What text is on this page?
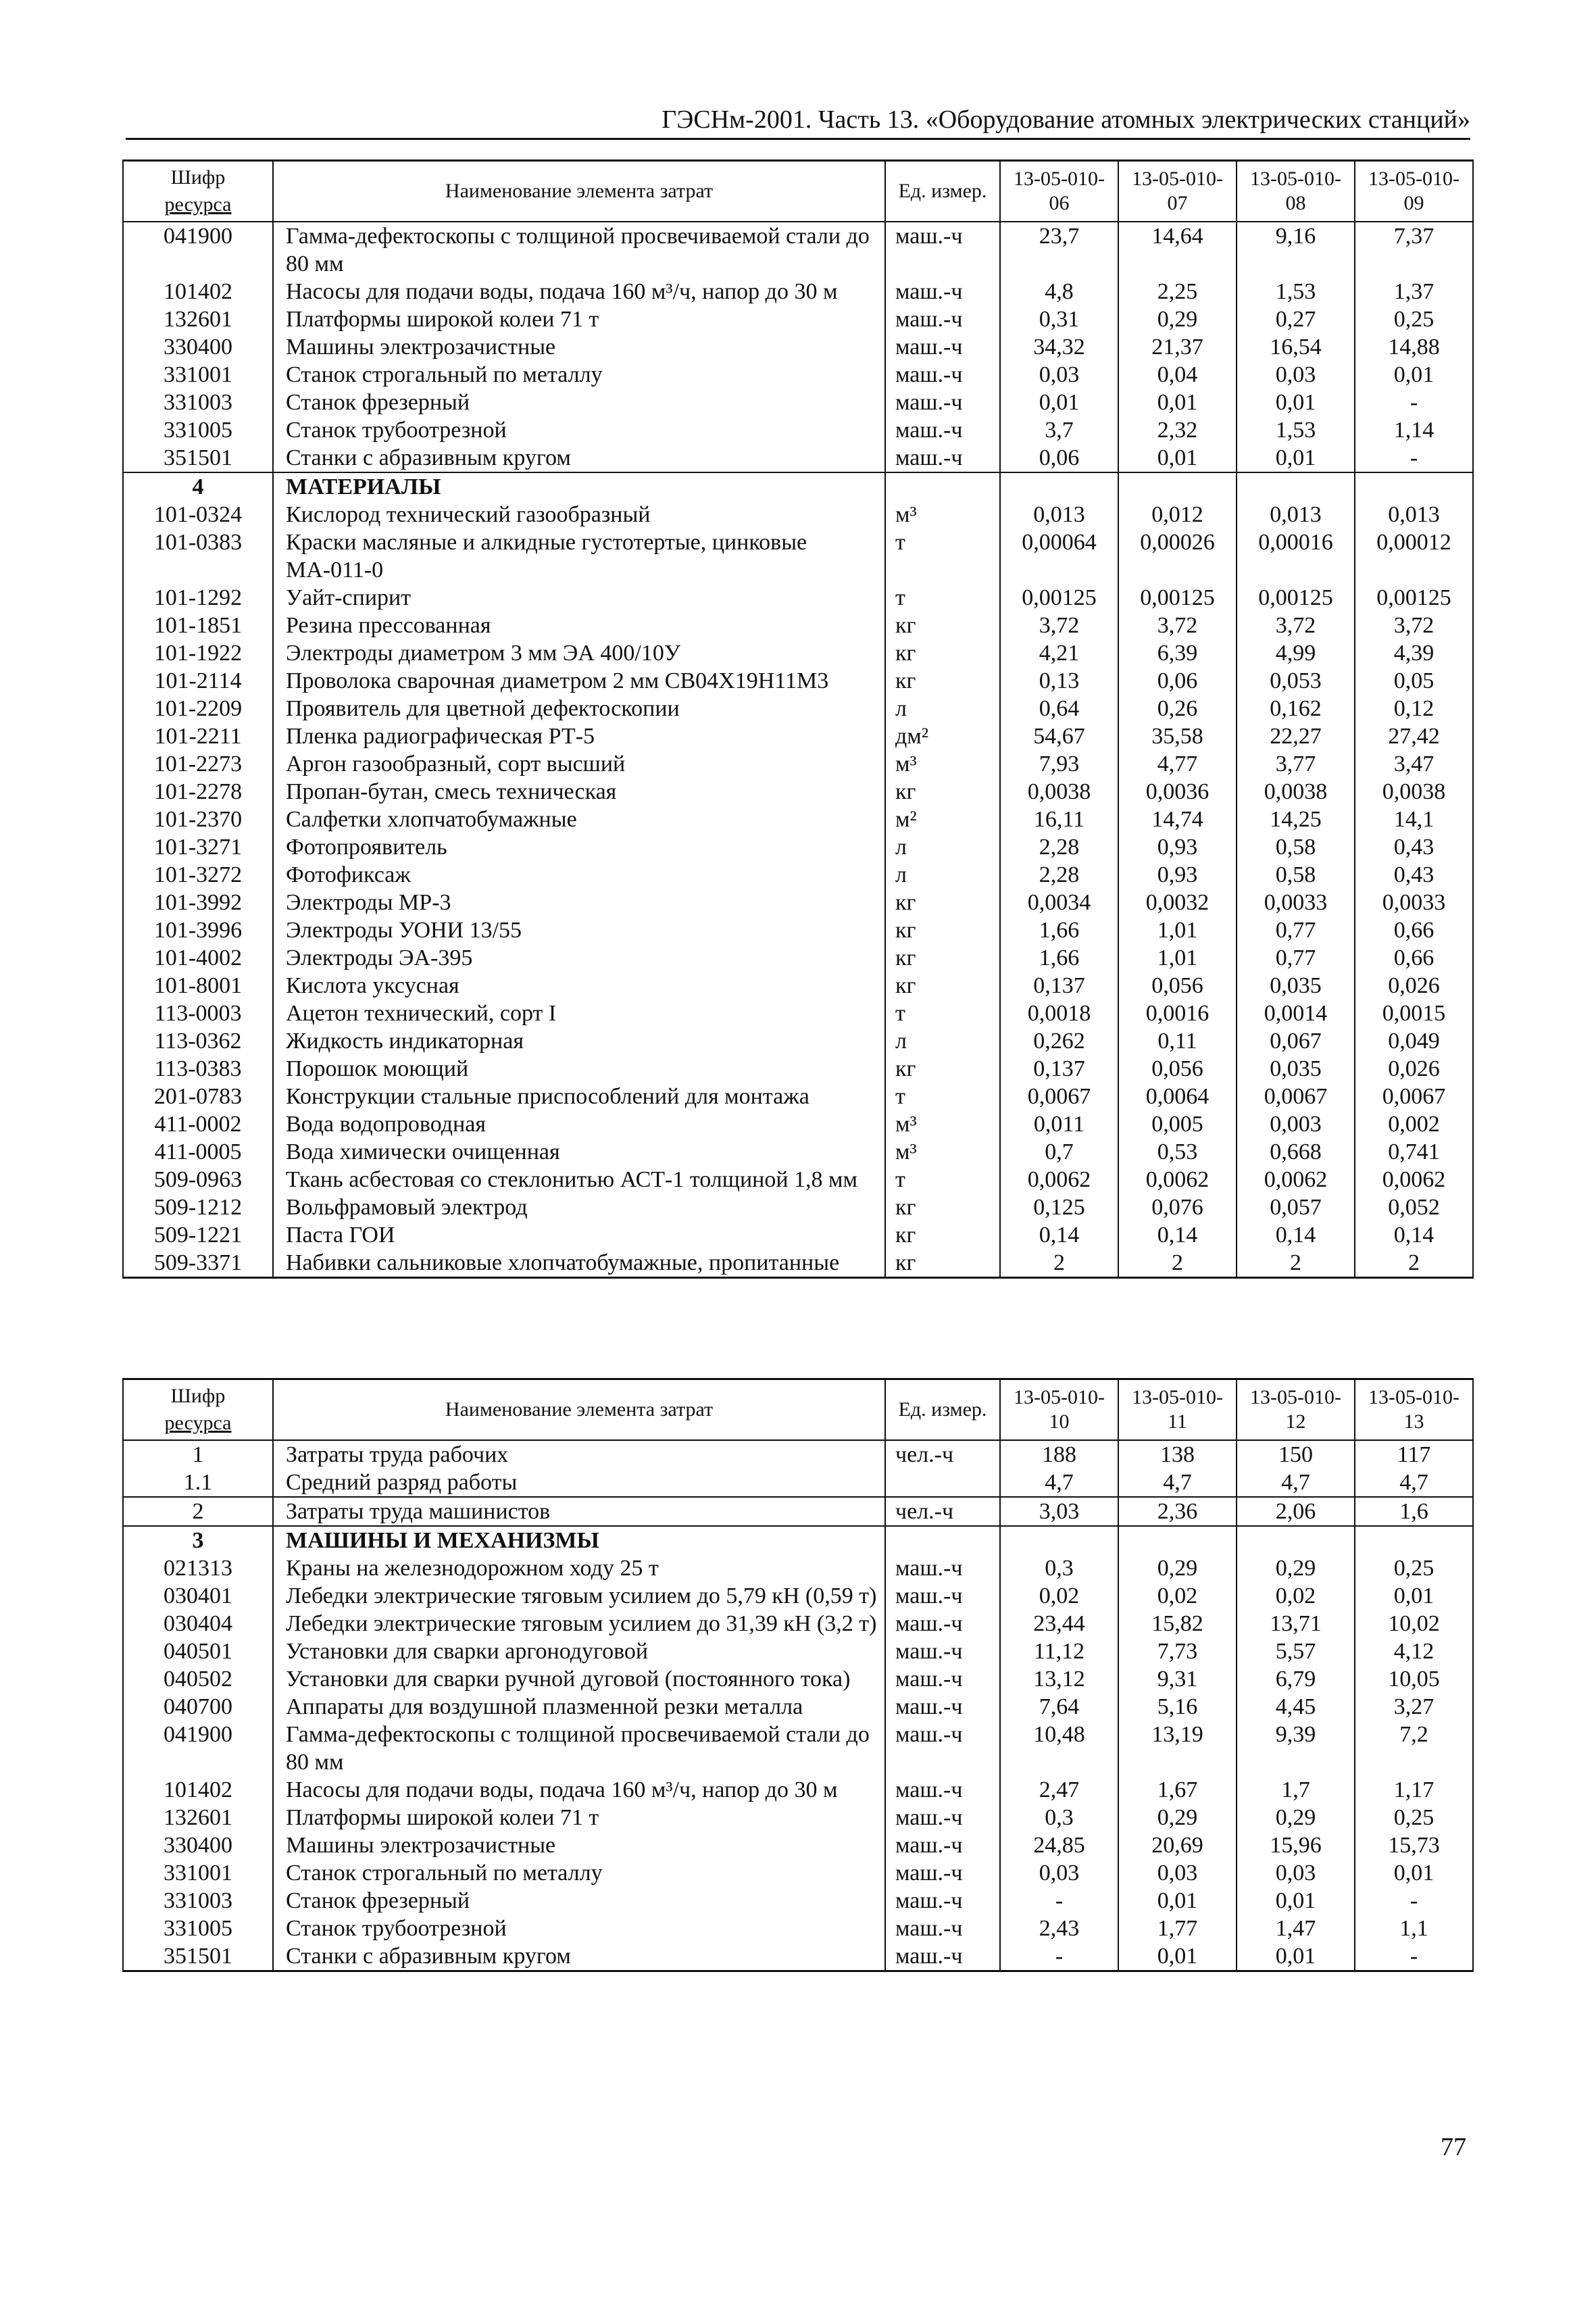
ГЭСНм-2001. Часть 13. «Оборудование атомных электрических станций»
Шифр
ресурса	Наименование элемента затрат	Ед. измер.	13-05-010-06	13-05-010-07	13-05-010-08	13-05-010-09
041900	Гамма-дефектоскопы с толщиной просвечиваемой стали до 80 мм	маш.-ч	23,7	14,64	9,16	7,37
101402	Насосы для подачи воды, подача 160 м³/ч, напор до 30 м	маш.-ч	4,8	2,25	1,53	1,37
132601	Платформы широкой колеи 71 т	маш.-ч	0,31	0,29	0,27	0,25
330400	Машины электрозачистные	маш.-ч	34,32	21,37	16,54	14,88
331001	Станок строгальный по металлу	маш.-ч	0,03	0,04	0,03	0,01
331003	Станок фрезерный	маш.-ч	0,01	0,01	0,01	-
331005	Станок трубоотрезной	маш.-ч	3,7	2,32	1,53	1,14
351501	Станки с абразивным кругом	маш.-ч	0,06	0,01	0,01	-
4	МАТЕРИАЛЫ					
101-0324	Кислород технический газообразный	м³	0,013	0,012	0,013	0,013
101-0383	Краски масляные и алкидные густотертые, цинковые МА-011-0	т	0,00064	0,00026	0,00016	0,00012
101-1292	Уайт-спирит	т	0,00125	0,00125	0,00125	0,00125
101-1851	Резина прессованная	кг	3,72	3,72	3,72	3,72
101-1922	Электроды диаметром 3 мм ЭА 400/10У	кг	4,21	6,39	4,99	4,39
101-2114	Проволока сварочная диаметром 2 мм СВ04Х19Н11М3	кг	0,13	0,06	0,053	0,05
101-2209	Проявитель для цветной дефектоскопии	л	0,64	0,26	0,162	0,12
101-2211	Пленка радиографическая РТ-5	дм²	54,67	35,58	22,27	27,42
101-2273	Аргон газообразный, сорт высший	м³	7,93	4,77	3,77	3,47
101-2278	Пропан-бутан, смесь техническая	кг	0,0038	0,0036	0,0038	0,0038
101-2370	Салфетки хлопчатобумажные	м²	16,11	14,74	14,25	14,1
101-3271	Фотопроявитель	л	2,28	0,93	0,58	0,43
101-3272	Фотофиксаж	л	2,28	0,93	0,58	0,43
101-3992	Электроды МР-3	кг	0,0034	0,0032	0,0033	0,0033
101-3996	Электроды УОНИ 13/55	кг	1,66	1,01	0,77	0,66
101-4002	Электроды ЭА-395	кг	1,66	1,01	0,77	0,66
101-8001	Кислота уксусная	кг	0,137	0,056	0,035	0,026
113-0003	Ацетон технический, сорт I	т	0,0018	0,0016	0,0014	0,0015
113-0362	Жидкость индикаторная	л	0,262	0,11	0,067	0,049
113-0383	Порошок моющий	кг	0,137	0,056	0,035	0,026
201-0783	Конструкции стальные приспособлений для монтажа	т	0,0067	0,0064	0,0067	0,0067
411-0002	Вода водопроводная	м³	0,011	0,005	0,003	0,002
411-0005	Вода химически очищенная	м³	0,7	0,53	0,668	0,741
509-0963	Ткань асбестовая со стеклонитью АСТ-1 толщиной 1,8 мм	т	0,0062	0,0062	0,0062	0,0062
509-1212	Вольфрамовый электрод	кг	0,125	0,076	0,057	0,052
509-1221	Паста ГОИ	кг	0,14	0,14	0,14	0,14
509-3371	Набивки сальниковые хлопчатобумажные, пропитанные	кг	2	2	2	2
Шифр
ресурса	Наименование элемента затрат	Ед. измер.	13-05-010-10	13-05-010-11	13-05-010-12	13-05-010-13
1	Затраты труда рабочих	чел.-ч	188	138	150	117
1.1	Средний разряд работы		4,7	4,7	4,7	4,7
2	Затраты труда машинистов	чел.-ч	3,03	2,36	2,06	1,6
3	МАШИНЫ И МЕХАНИЗМЫ					
021313	Краны на железнодорожном ходу 25 т	маш.-ч	0,3	0,29	0,29	0,25
030401	Лебедки электрические тяговым усилием до 5,79 кН (0,59 т)	маш.-ч	0,02	0,02	0,02	0,01
030404	Лебедки электрические тяговым усилием до 31,39 кН (3,2 т)	маш.-ч	23,44	15,82	13,71	10,02
040501	Установки для сварки аргонодуговой	маш.-ч	11,12	7,73	5,57	4,12
040502	Установки для сварки ручной дуговой (постоянного тока)	маш.-ч	13,12	9,31	6,79	10,05
040700	Аппараты для воздушной плазменной резки металла	маш.-ч	7,64	5,16	4,45	3,27
041900	Гамма-дефектоскопы с толщиной просвечиваемой стали до 80 мм	маш.-ч	10,48	13,19	9,39	7,2
101402	Насосы для подачи воды, подача 160 м³/ч, напор до 30 м	маш.-ч	2,47	1,67	1,7	1,17
132601	Платформы широкой колеи 71 т	маш.-ч	0,3	0,29	0,29	0,25
330400	Машины электрозачистные	маш.-ч	24,85	20,69	15,96	15,73
331001	Станок строгальный по металлу	маш.-ч	0,03	0,03	0,03	0,01
331003	Станок фрезерный	маш.-ч	-	0,01	0,01	-
331005	Станок трубоотрезной	маш.-ч	2,43	1,77	1,47	1,1
351501	Станки с абразивным кругом	маш.-ч	-	0,01	0,01	-
77
